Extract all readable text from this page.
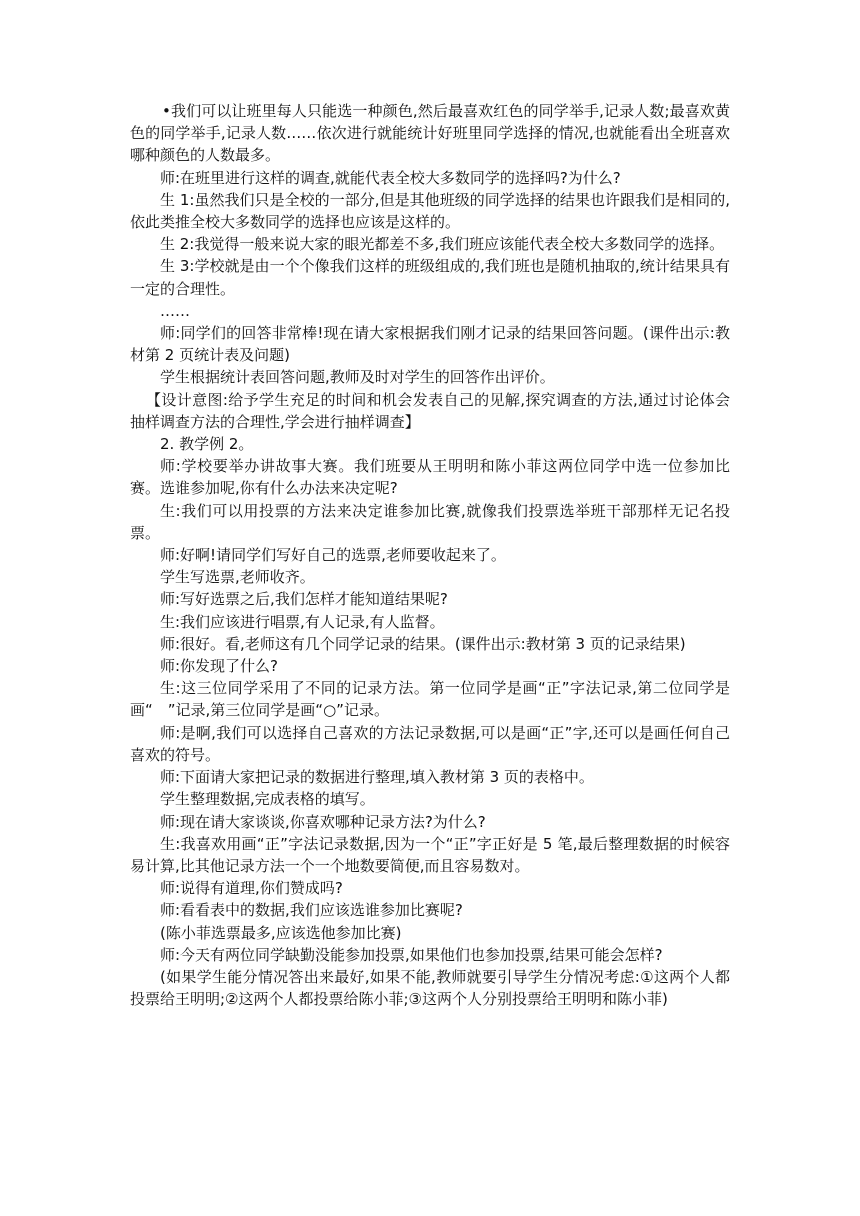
•我们可以让班里每人只能选一种颜色,然后最喜欢红色的同学举手,记录人数;最喜欢黄色的同学举手,记录人数……依次进行就能统计好班里同学选择的情况,也就能看出全班喜欢哪种颜色的人数最多。

师:在班里进行这样的调查,就能代表全校大多数同学的选择吗?为什么?

生 1:虽然我们只是全校的一部分,但是其他班级的同学选择的结果也许跟我们是相同的,依此类推全校大多数同学的选择也应该是这样的。

生 2:我觉得一般来说大家的眼光都差不多,我们班应该能代表全校大多数同学的选择。

生 3:学校就是由一个个像我们这样的班级组成的,我们班也是随机抽取的,统计结果具有一定的合理性。

……

师:同学们的回答非常棒!现在请大家根据我们刚才记录的结果回答问题。(课件出示:教材第 2 页统计表及问题)

学生根据统计表回答问题,教师及时对学生的回答作出评价。

【设计意图:给予学生充足的时间和机会发表自己的见解,探究调查的方法,通过讨论体会抽样调查方法的合理性,学会进行抽样调查】

2. 教学例 2。

师:学校要举办讲故事大赛。我们班要从王明明和陈小菲这两位同学中选一位参加比赛。选谁参加呢,你有什么办法来决定呢?

生:我们可以用投票的方法来决定谁参加比赛,就像我们投票选举班干部那样无记名投票。

师:好啊!请同学们写好自己的选票,老师要收起来了。

学生写选票,老师收齐。

师:写好选票之后,我们怎样才能知道结果呢?

生:我们应该进行唱票,有人记录,有人监督。

师:很好。看,老师这有几个同学记录的结果。(课件出示:教材第 3 页的记录结果)

师:你发现了什么?

生:这三位同学采用了不同的记录方法。第一位同学是画“正”字法记录,第二位同学是画“　”记录,第三位同学是画“○”记录。

师:是啊,我们可以选择自己喜欢的方法记录数据,可以是画“正”字,还可以是画任何自己喜欢的符号。

师:下面请大家把记录的数据进行整理,填入教材第 3 页的表格中。

学生整理数据,完成表格的填写。

师:现在请大家谈谈,你喜欢哪种记录方法?为什么?

生:我喜欢用画“正”字法记录数据,因为一个“正”字正好是 5 笔,最后整理数据的时候容易计算,比其他记录方法一个一个地数要简便,而且容易数对。

师:说得有道理,你们赞成吗?

师:看看表中的数据,我们应该选谁参加比赛呢?

(陈小菲选票最多,应该选他参加比赛)

师:今天有两位同学缺勤没能参加投票,如果他们也参加投票,结果可能会怎样?

(如果学生能分情况答出来最好,如果不能,教师就要引导学生分情况考虑:①这两个人都投票给王明明;②这两个人都投票给陈小菲;③这两个人分别投票给王明明和陈小菲)
